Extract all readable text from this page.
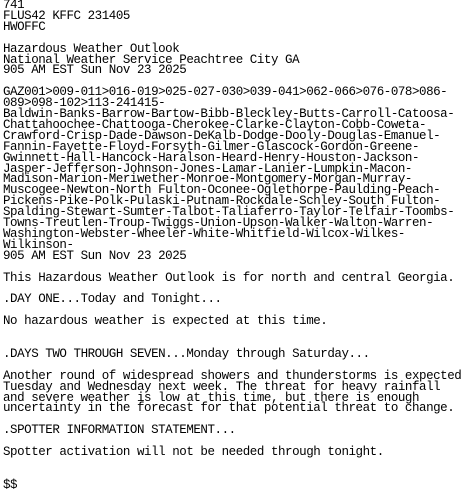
741
FLUS42 KFFC 231405
HWOFFC
Hazardous Weather Outlook
National Weather Service Peachtree City GA
905 AM EST Sun Nov 23 2025
GAZ001>009-011>016-019>025-027-030>039-041>062-066>076-078>086-
089>098-102>113-241415-
Baldwin-Banks-Barrow-Bartow-Bibb-Bleckley-Butts-Carroll-Catoosa-
Chattahoochee-Chattooga-Cherokee-Clarke-Clayton-Cobb-Coweta-
Crawford-Crisp-Dade-Dawson-DeKalb-Dodge-Dooly-Douglas-Emanuel-
Fannin-Fayette-Floyd-Forsyth-Gilmer-Glascock-Gordon-Greene-
Gwinnett-Hall-Hancock-Haralson-Heard-Henry-Houston-Jackson-
Jasper-Jefferson-Johnson-Jones-Lamar-Lanier-Lumpkin-Macon-
Madison-Marion-Meriwether-Monroe-Montgomery-Morgan-Murray-
Muscogee-Newton-North Fulton-Oconee-Oglethorpe-Paulding-Peach-
Pickens-Pike-Polk-Pulaski-Putnam-Rockdale-Schley-South Fulton-
Spalding-Stewart-Sumter-Talbot-Taliaferro-Taylor-Telfair-Toombs-
Towns-Treutlen-Troup-Twiggs-Union-Upson-Walker-Walton-Warren-
Washington-Webster-Wheeler-White-Whitfield-Wilcox-Wilkes-
Wilkinson-
905 AM EST Sun Nov 23 2025
This Hazardous Weather Outlook is for north and central Georgia.
.DAY ONE...Today and Tonight...
No hazardous weather is expected at this time.
.DAYS TWO THROUGH SEVEN...Monday through Saturday...
Another round of widespread showers and thunderstorms is expected
Tuesday and Wednesday next week. The threat for heavy rainfall
and severe weather is low at this time, but there is enough
uncertainty in the forecast for that potential threat to change.
.SPOTTER INFORMATION STATEMENT...
Spotter activation will not be needed through tonight.
$$
